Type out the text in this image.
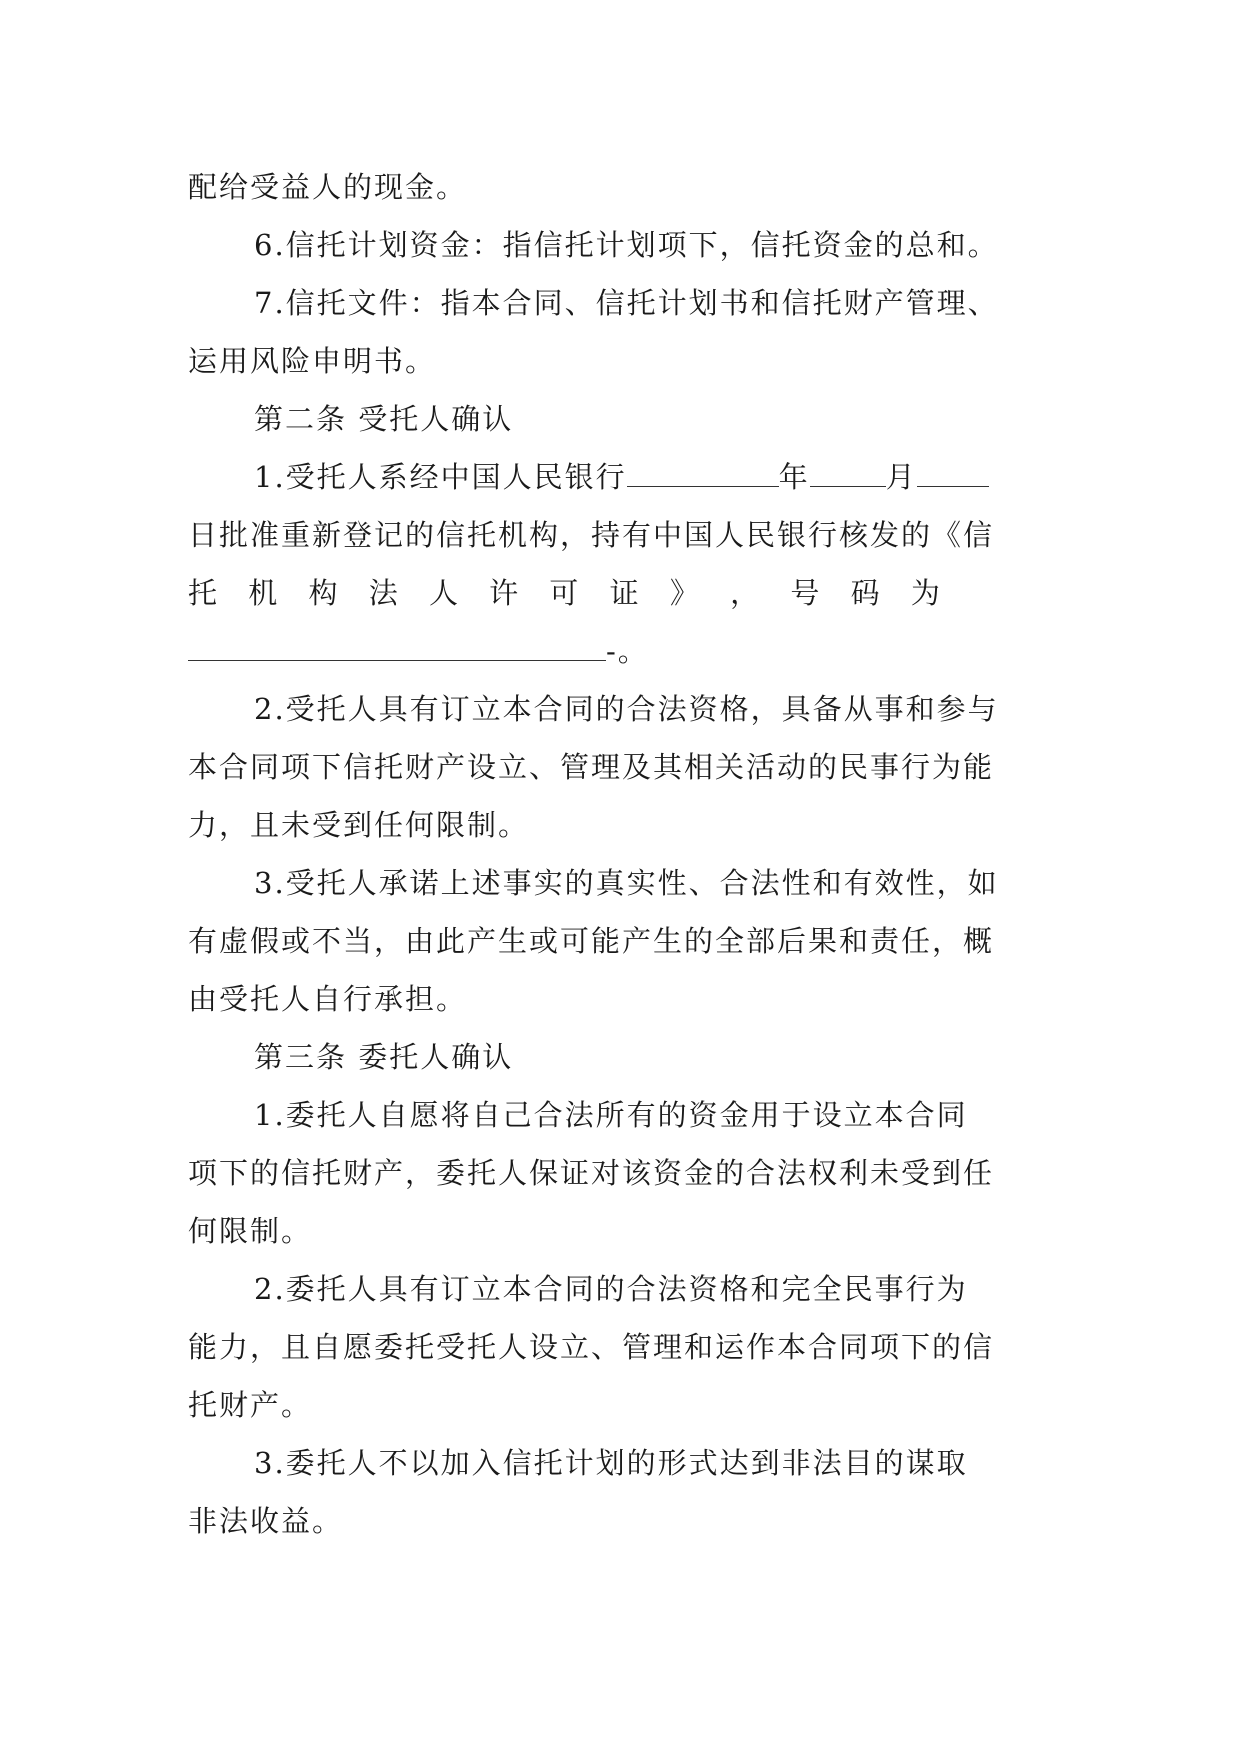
配给受益人的现金。
6.信托计划资金：指信托计划项下，信托资金的总和。
7.信托文件：指本合同、信托计划书和信托财产管理、
运用风险申明书。
第二条 受托人确认
1.受托人系经中国人民银行	年	月
日批准重新登记的信托机构，持有中国人民银行核发的《信
托 机 构 法 人 许 可 证 》 ， 号 码 为
-。
2.受托人具有订立本合同的合法资格，具备从事和参与
本合同项下信托财产设立、管理及其相关活动的民事行为能
力，且未受到任何限制。
3.受托人承诺上述事实的真实性、合法性和有效性，如
有虚假或不当，由此产生或可能产生的全部后果和责任，概
由受托人自行承担。
第三条 委托人确认
1.委托人自愿将自己合法所有的资金用于设立本合同
项下的信托财产，委托人保证对该资金的合法权利未受到任
何限制。
2.委托人具有订立本合同的合法资格和完全民事行为
能力，且自愿委托受托人设立、管理和运作本合同项下的信
托财产。
3.委托人不以加入信托计划的形式达到非法目的谋取
非法收益。
